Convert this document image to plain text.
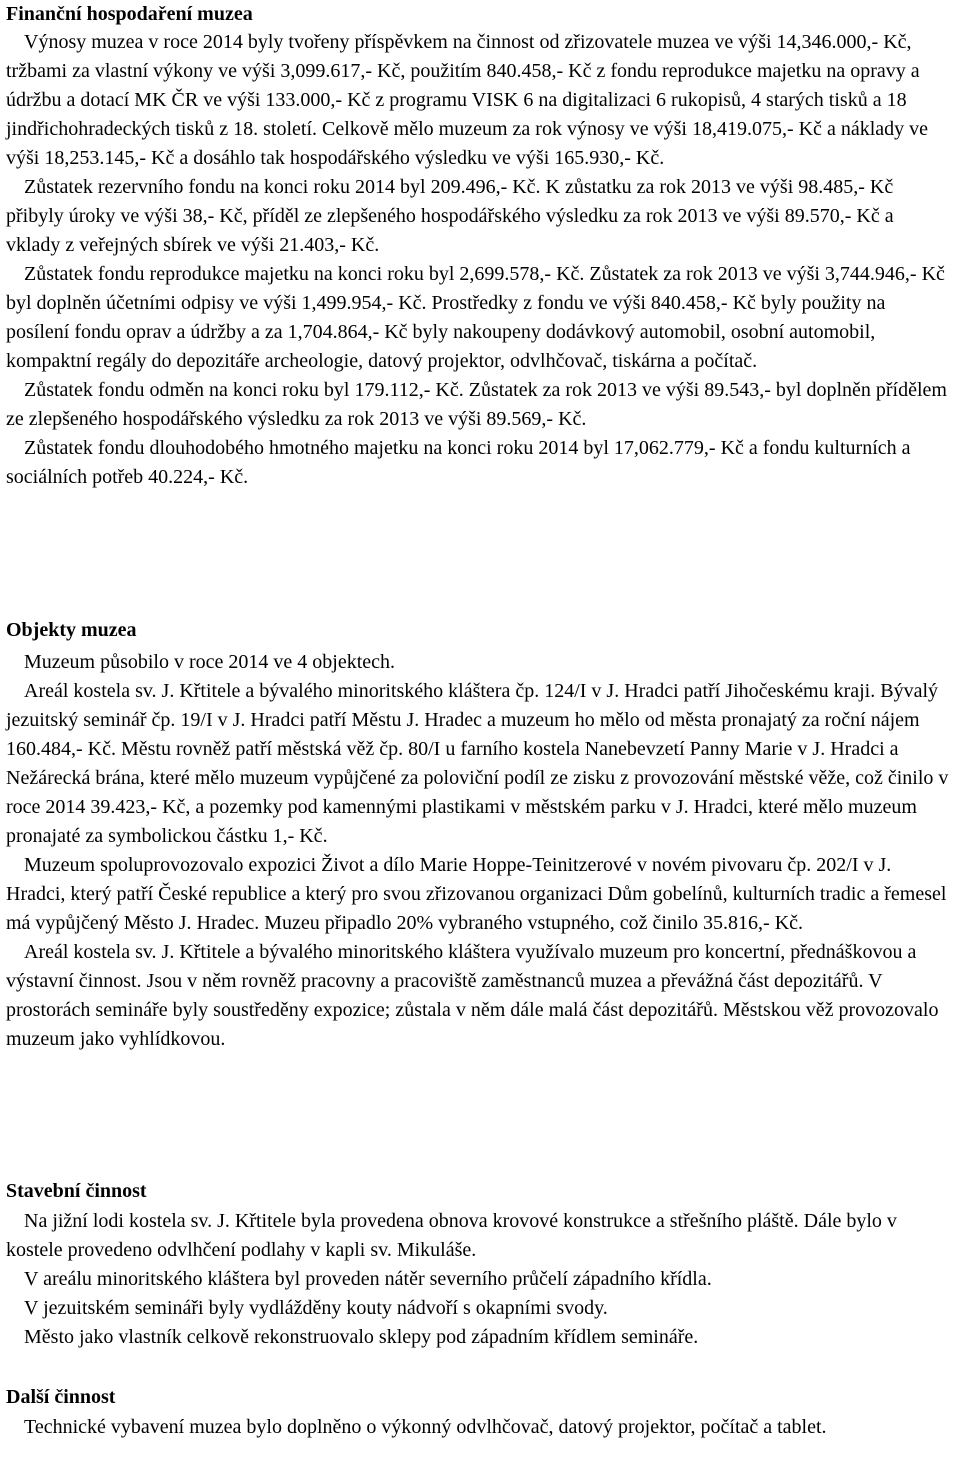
Finanční hospodaření muzea

Výnosy muzea v roce 2014 byly tvořeny příspěvkem na činnost od zřizovatele muzea ve výši 14,346.000,- Kč, tržbami za vlastní výkony ve výši 3,099.617,- Kč, použitím 840.458,- Kč z fondu reprodukce majetku na opravy a údržbu a dotací MK ČR ve výši 133.000,- Kč z programu VISK 6 na digitalizaci 6 rukopisů, 4 starých tisků a 18 jindřichohradeckých tisků z 18. století. Celkově mělo muzeum za rok výnosy ve výši 18,419.075,- Kč a náklady ve výši 18,253.145,- Kč a dosáhlo tak hospodářského výsledku ve výši 165.930,- Kč.

Zůstatek rezervního fondu na konci roku 2014 byl 209.496,- Kč. K zůstatku za rok 2013 ve výši 98.485,- Kč přibyly úroky ve výši 38,- Kč, příděl ze zlepšeného hospodářského výsledku za rok 2013 ve výši 89.570,- Kč a vklady z veřejných sbírek ve výši 21.403,- Kč.

Zůstatek fondu reprodukce majetku na konci roku byl 2,699.578,- Kč. Zůstatek za rok 2013 ve výši 3,744.946,- Kč byl doplněn účetními odpisy ve výši 1,499.954,- Kč. Prostředky z fondu ve výši 840.458,- Kč byly použity na posílení fondu oprav a údržby a za 1,704.864,- Kč byly nakoupeny dodávkový automobil, osobní automobil, kompaktní regály do depozitáře archeologie, datový projektor, odvlhčovač, tiskárna a počítač.

Zůstatek fondu odměn na konci roku byl 179.112,- Kč. Zůstatek za rok 2013 ve výši 89.543,- byl doplněn přídělem ze zlepšeného hospodářského výsledku za rok 2013 ve výši 89.569,- Kč.

Zůstatek fondu dlouhodobého hmotného majetku na konci roku 2014 byl 17,062.779,- Kč a fondu kulturních a sociálních potřeb 40.224,- Kč.

Objekty muzea

Muzeum působilo v roce 2014 ve 4 objektech.

Areál kostela sv. J. Křtitele a bývalého minoritského kláštera čp. 124/I v J. Hradci patří Jihočeskému kraji. Bývalý jezuitský seminář čp. 19/I v J. Hradci patří Městu J. Hradec a muzeum ho mělo od města pronajatý za roční nájem 160.484,- Kč. Městu rovněž patří městská věž čp. 80/I u farního kostela Nanebevzetí Panny Marie v J. Hradci a Nežárecká brána, které mělo muzeum vypůjčené za poloviční podíl ze zisku z provozování městské věže, což činilo v roce 2014 39.423,- Kč, a pozemky pod kamennými plastikami v městském parku v J. Hradci, které mělo muzeum pronajaté za symbolickou částku 1,- Kč.

Muzeum spoluprovozovalo expozici Život a dílo Marie Hoppe-Teinitzerové v novém pivovaru čp. 202/I v J. Hradci, který patří České republice a který pro svou zřizovanou organizaci Dům gobelínů, kulturních tradic a řemesel má vypůjčený Město J. Hradec. Muzeu připadlo 20% vybraného vstupného, což činilo 35.816,- Kč.

Areál kostela sv. J. Křtitele a bývalého minoritského kláštera využívalo muzeum pro koncertní, přednáškovou a výstavní činnost. Jsou v něm rovněž pracovny a pracoviště zaměstnanců muzea a převážná část depozitářů. V prostorách semináře byly soustředěny expozice; zůstala v něm dále malá část depozitářů. Městskou věž provozovalo muzeum jako vyhlídkovou.

Stavební činnost

Na jižní lodi kostela sv. J. Křtitele byla provedena obnova krovové konstrukce a střešního pláště. Dále bylo v kostele provedeno odvlhčení podlahy v kapli sv. Mikuláše.

V areálu minoritského kláštera byl proveden nátěr severního průčelí západního křídla.

V jezuitském semináři byly vydlážděny kouty nádvoří s okapními svody.

Město jako vlastník celkově rekonstruovalo sklepy pod západním křídlem semináře.

Další činnost

Technické vybavení muzea bylo doplněno o výkonný odvlhčovač, datový projektor, počítač a tablet.
